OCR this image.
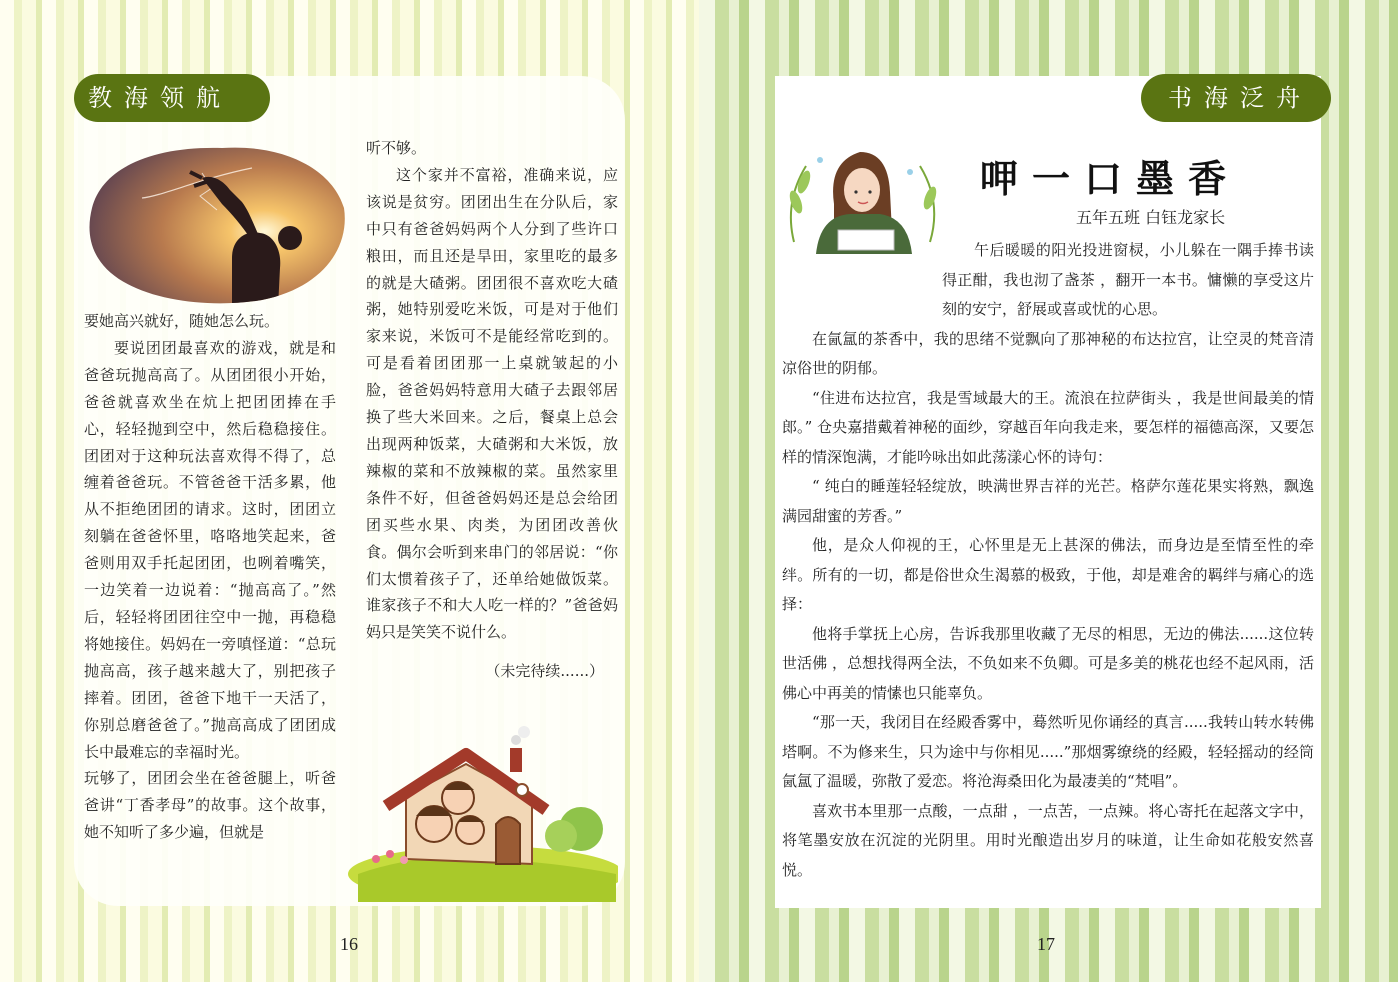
教海领航

要她高兴就好，随她怎么玩。

要说团团最喜欢的游戏，就是和爸爸玩抛高高了。从团团很小开始，爸爸就喜欢坐在炕上把团团捧在手心，轻轻抛到空中，然后稳稳接住。团团对于这种玩法喜欢得不得了，总缠着爸爸玩。不管爸爸干活多累，他从不拒绝团团的请求。这时，团团立刻躺在爸爸怀里，咯咯地笑起来，爸爸则用双手托起团团，也咧着嘴笑，一边笑着一边说着：“抛高高了。”然后，轻轻将团团往空中一抛，再稳稳将她接住。妈妈在一旁嗔怪道：“总玩抛高高，孩子越来越大了，别把孩子摔着。团团，爸爸下地干一天活了，你别总磨爸爸了。”抛高高成了团团成长中最难忘的幸福时光。

玩够了，团团会坐在爸爸腿上，听爸爸讲“丁香孝母”的故事。这个故事，她不知听了多少遍，但就是

听不够。

这个家并不富裕，准确来说，应该说是贫穷。团团出生在分队后，家中只有爸爸妈妈两个人分到了些许口粮田，而且还是旱田，家里吃的最多的就是大碴粥。团团很不喜欢吃大碴粥，她特别爱吃米饭，可是对于他们家来说，米饭可不是能经常吃到的。可是看着团团那一上桌就皱起的小脸，爸爸妈妈特意用大碴子去跟邻居换了些大米回来。之后，餐桌上总会出现两种饭菜，大碴粥和大米饭，放辣椒的菜和不放辣椒的菜。虽然家里条件不好，但爸爸妈妈还是总会给团团买些水果、肉类，为团团改善伙食。偶尔会听到来串门的邻居说：“你们太惯着孩子了，还单给她做饭菜。谁家孩子不和大人吃一样的？”爸爸妈妈只是笑笑不说什么。

（未完待续......）

16
书海泛舟
呷一口墨香
五年五班 白钰龙家长

午后暖暖的阳光投进窗棂，小儿躲在一隅手捧书读得正酣，我也沏了盏茶 ，翻开一本书。慵懒的享受这片刻的安宁，舒展或喜或忧的心思。

在氤氲的茶香中，我的思绪不觉飘向了那神秘的布达拉宫，让空灵的梵音清凉俗世的阴郁。

“住进布达拉宫，我是雪域最大的王。流浪在拉萨街头 ，我是世间最美的情郎。” 仓央嘉措戴着神秘的面纱，穿越百年向我走来，要怎样的福德高深，又要怎样的情深饱满，才能吟咏出如此荡漾心怀的诗句：

“ 纯白的睡莲轻轻绽放，映满世界吉祥的光芒。格萨尔莲花果实将熟，飘逸满园甜蜜的芳香。”

他，是众人仰视的王，心怀里是无上甚深的佛法，而身边是至情至性的牵绊。所有的一切，都是俗世众生渴慕的极致，于他，却是难舍的羁绊与痛心的选择：

他将手掌抚上心房，告诉我那里收藏了无尽的相思，无边的佛法......这位转世活佛 ，总想找得两全法，不负如来不负卿。可是多美的桃花也经不起风雨，活佛心中再美的情愫也只能辜负。

“那一天，我闭目在经殿香雾中，蓦然听见你诵经的真言.....我转山转水转佛塔啊。不为修来生，只为途中与你相见.....”那烟雾缭绕的经殿，轻轻摇动的经筒氤氲了温暖，弥散了爱恋。将沧海桑田化为最凄美的“梵唱”。

喜欢书本里那一点酸，一点甜 ，一点苦，一点辣。将心寄托在起落文字中，将笔墨安放在沉淀的光阴里。用时光酿造出岁月的味道，让生命如花般安然喜悦。

17
